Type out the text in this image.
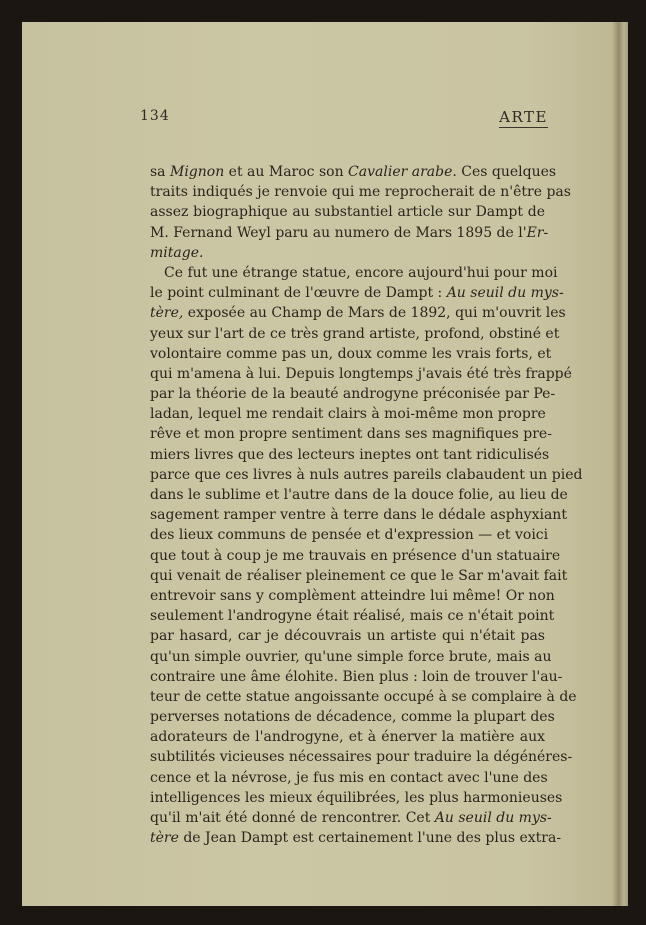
134	ARTE
sa Mignon et au Maroc son Cavalier arabe. Ces quelques
traits indiqués je renvoie qui me reprocherait de n'être pas
assez biographique au substantiel article sur Dampt de
M. Fernand Weyl paru au numero de Mars 1895 de l'Er-
mitage.
Ce fut une étrange statue, encore aujourd'hui pour moi
le point culminant de l'œuvre de Dampt : Au seuil du mys-
tère, exposée au Champ de Mars de 1892, qui m'ouvrit les
yeux sur l'art de ce très grand artiste, profond, obstiné et
volontaire comme pas un, doux comme les vrais forts, et
qui m'amena à lui. Depuis longtemps j'avais été très frappé
par la théorie de la beauté androgyne préconisée par Pe-
ladan, lequel me rendait clairs à moi-même mon propre
rêve et mon propre sentiment dans ses magnifiques pre-
miers livres que des lecteurs ineptes ont tant ridiculisés
parce que ces livres à nuls autres pareils clabaudent un pied
dans le sublime et l'autre dans de la douce folie, au lieu de
sagement ramper ventre à terre dans le dédale asphyxiant
des lieux communs de pensée et d'expression — et voici
que tout à coup je me trauvais en présence d'un statuaire
qui venait de réaliser pleinement ce que le Sar m'avait fait
entrevoir sans y complèment atteindre lui même! Or non
seulement l'androgyne était réalisé, mais ce n'était point
par hasard, car je découvrais un artiste qui n'était pas
qu'un simple ouvrier, qu'une simple force brute, mais au
contraire une âme élohite. Bien plus : loin de trouver l'au-
teur de cette statue angoissante occupé à se complaire à de
perverses notations de décadence, comme la plupart des
adorateurs de l'androgyne, et à énerver la matière aux
subtilités vicieuses nécessaires pour traduire la dégénéres-
cence et la névrose, je fus mis en contact avec l'une des
intelligences les mieux équilibrées, les plus harmonieuses
qu'il m'ait été donné de rencontrer. Cet Au seuil du mys-
tère de Jean Dampt est certainement l'une des plus extra-
